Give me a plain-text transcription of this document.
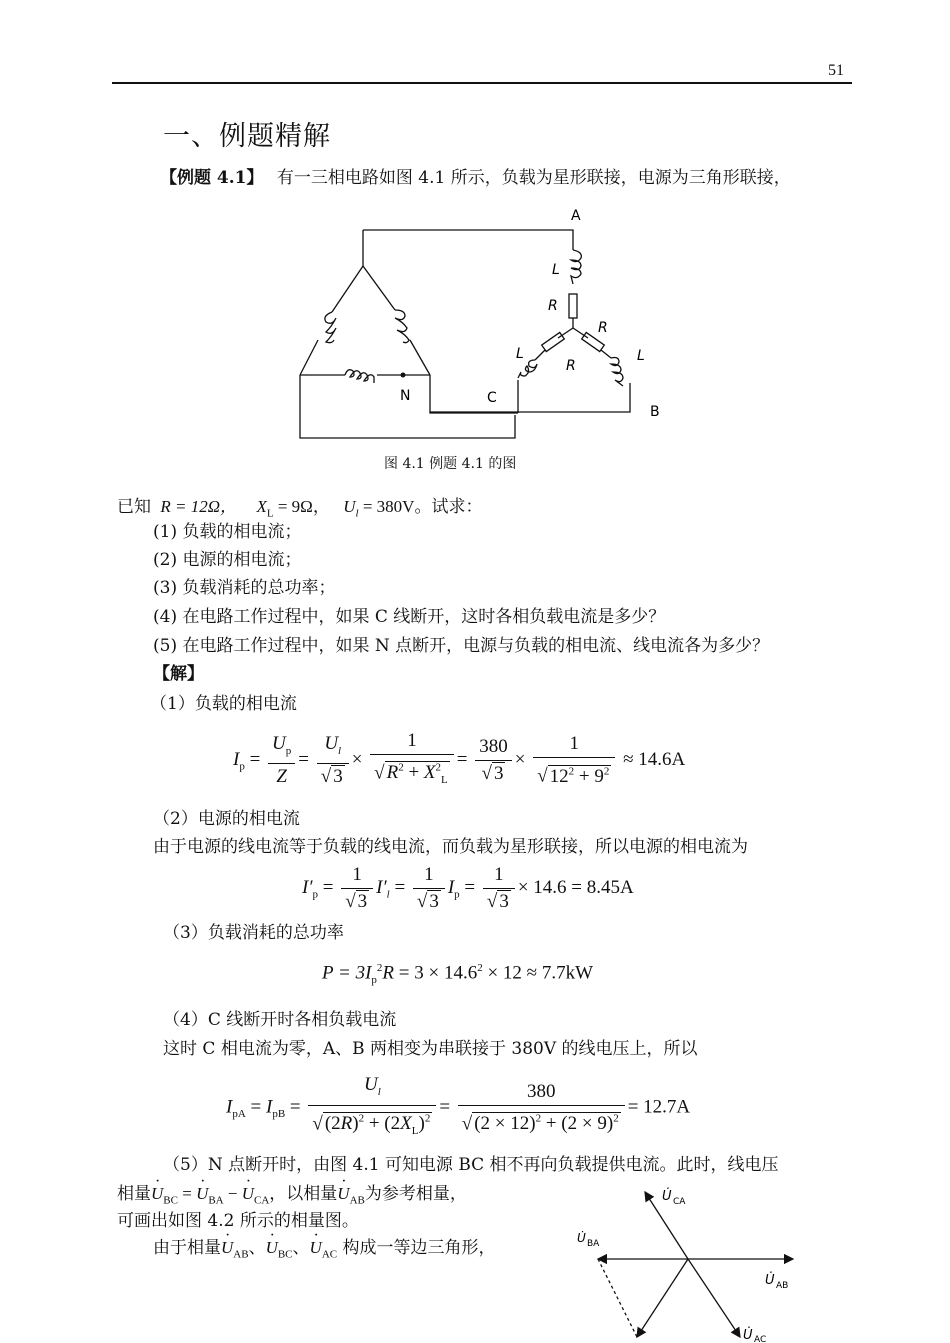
51
一、例题精解
【例题 4.1】 有一三相电路如图 4.1 所示，负载为星形联接，电源为三角形联接，
A
L
R
R
L
R
L
N	C
B
图 4.1 例题 4.1 的图
已知 R = 12Ω， $X_L = 9\Omega$， $U_l = 380V$。试求：
(1) 负载的相电流；
(2) 电源的相电流；
(3) 负载消耗的总功率；
(4) 在电路工作过程中，如果 C 线断开，这时各相负载电流是多少？
(5) 在电路工作过程中，如果 N 点断开，电源与负载的相电流、线电流各为多少？
【解】
（1）负载的相电流
$I_p = \frac{U_p}{Z} = \frac{U_l}{√ 3} \times \frac{1}{√ R^2 + X^2_L} = \frac{380}{√ 3} \times \frac{1}{√ 12^2 + 9^2} \approx 14.6A$
（2）电源的相电流
由于电源的线电流等于负载的线电流，而负载为星形联接，所以电源的相电流为
$I'_p = \frac{1}{√ 3} I'_l = \frac{1}{√ 3} I_p = \frac{1}{√ 3} \times 14.6 = 8.45A$
（3）负载消耗的总功率
$P = 3I_p^2R = 3 \times 14.6^2 \times 12 \approx 7.7kW$
（4）C 线断开时各相负载电流
这时 C 相电流为零，A、B 两相变为串联接于 380V 的线电压上，所以
$I_{pA} = I_{pB} = \frac{U_l}{√ (2R)^2 + (2X_L)^2} = \frac{380}{√ (2 \times 12)^2 + (2 \times 9)^2} = 12.7A$
（5）N 点断开时，由图 4.1 可知电源 BC 相不再向负载提供电流。此时，线电压
相量· $U_{BC}$ = · $U_{BA}$ − · $U_{CA}$，以相量· $U_{AB}$为参考相量，
可画出如图 4.2 所示的相量图。
由于相量· $U_{AB}$、· $U_{BC}$、· $U_{AC}$ 构成一等边三角形，
U̇ CA
U̇ BA
U̇ AB
U̇ AC
